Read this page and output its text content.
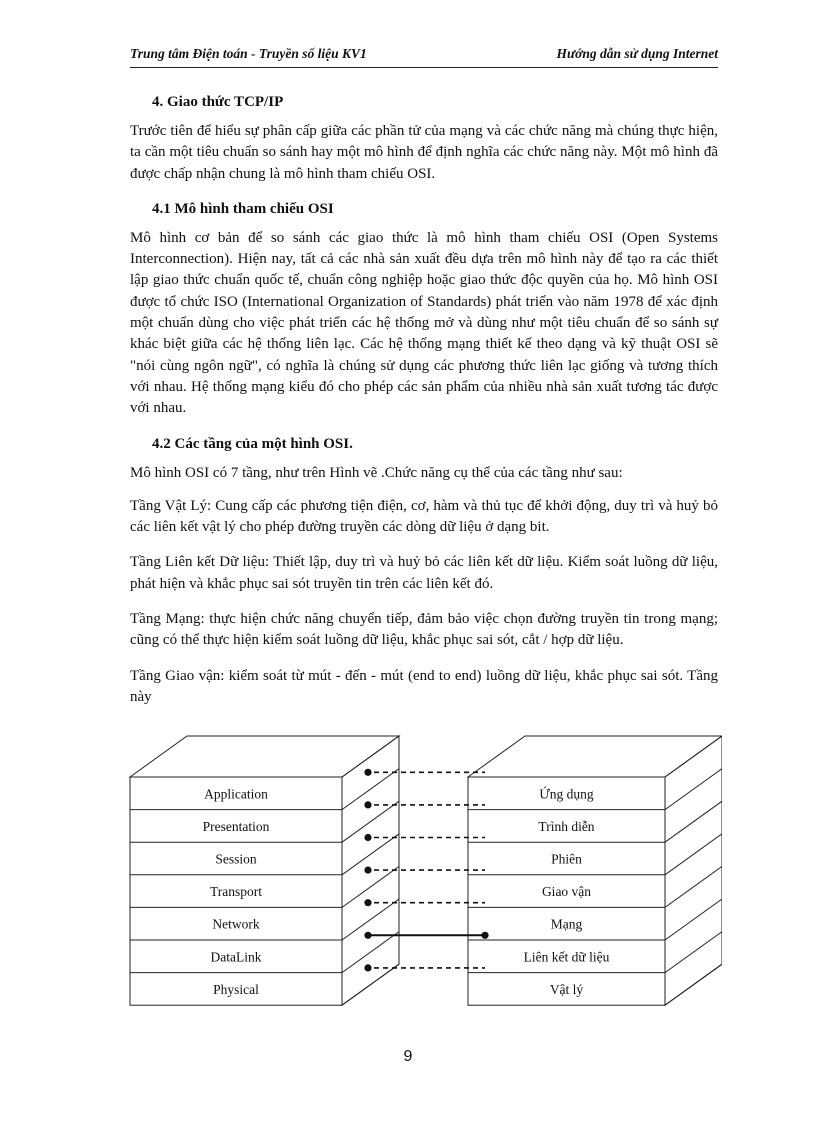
Trung tâm Điện toán - Truyền số liệu KV1	Hướng dẫn sử dụng Internet
4. Giao thức TCP/IP

Trước tiên để hiểu sự phân cấp giữa các phần tử của mạng và các chức năng mà chúng thực hiện, ta cần một tiêu chuẩn so sánh hay một mô hình để định nghĩa các chức năng này. Một mô hình đã được chấp nhận chung là mô hình tham chiếu OSI.

4.1 Mô hình tham chiếu OSI

Mô hình cơ bản để so sánh các giao thức là mô hình tham chiếu OSI (Open Systems Interconnection). Hiện nay, tất cả các nhà sản xuất đều dựa trên mô hình này để tạo ra các thiết lập giao thức chuẩn quốc tế, chuẩn công nghiệp hoặc giao thức độc quyền của họ. Mô hình OSI được tổ chức ISO (International Organization of Standards) phát triển vào năm 1978 để xác định một chuẩn dùng cho việc phát triển các hệ thống mở và dùng như một tiêu chuẩn để so sánh sự khác biệt giữa các hệ thống liên lạc. Các hệ thống mạng thiết kế theo dạng và kỹ thuật OSI sẽ "nói cùng ngôn ngữ", có nghĩa là chúng sử dụng các phương thức liên lạc giống và tương thích với nhau. Hệ thống mạng kiểu đó cho phép các sản phẩm của nhiều nhà sản xuất tương tác được với nhau.

4.2 Các tầng của một hình OSI.

Mô hình OSI có 7 tầng, như trên Hình vẽ .Chức năng cụ thể của các tầng như sau:

Tầng Vật Lý: Cung cấp các phương tiện điện, cơ, hàm và thủ tục để khởi động, duy trì và huỷ bỏ các liên kết vật lý cho phép đường truyền các dòng dữ liệu ở dạng bit.

Tầng Liên kết Dữ liệu: Thiết lập, duy trì và huỷ bỏ các liên kết dữ liệu. Kiểm soát luồng dữ liệu, phát hiện và khắc phục sai sót truyền tin trên các liên kết đó.

Tầng Mạng: thực hiện chức năng chuyển tiếp, đảm bảo việc chọn đường truyền tin trong mạng; cũng có thể thực hiện kiểm soát luồng dữ liệu, khắc phục sai sót, cắt / hợp dữ liệu.

Tầng Giao vận: kiểm soát từ mút - đến - mút (end to end) luồng dữ liệu, khắc phục sai sót. Tầng này

Application
Presentation
Session
Transport
Network
DataLink
Physical
Ứng dụng
Trình diễn
Phiên
Giao vận
Mạng
Liên kết dữ liệu
Vật lý
9
